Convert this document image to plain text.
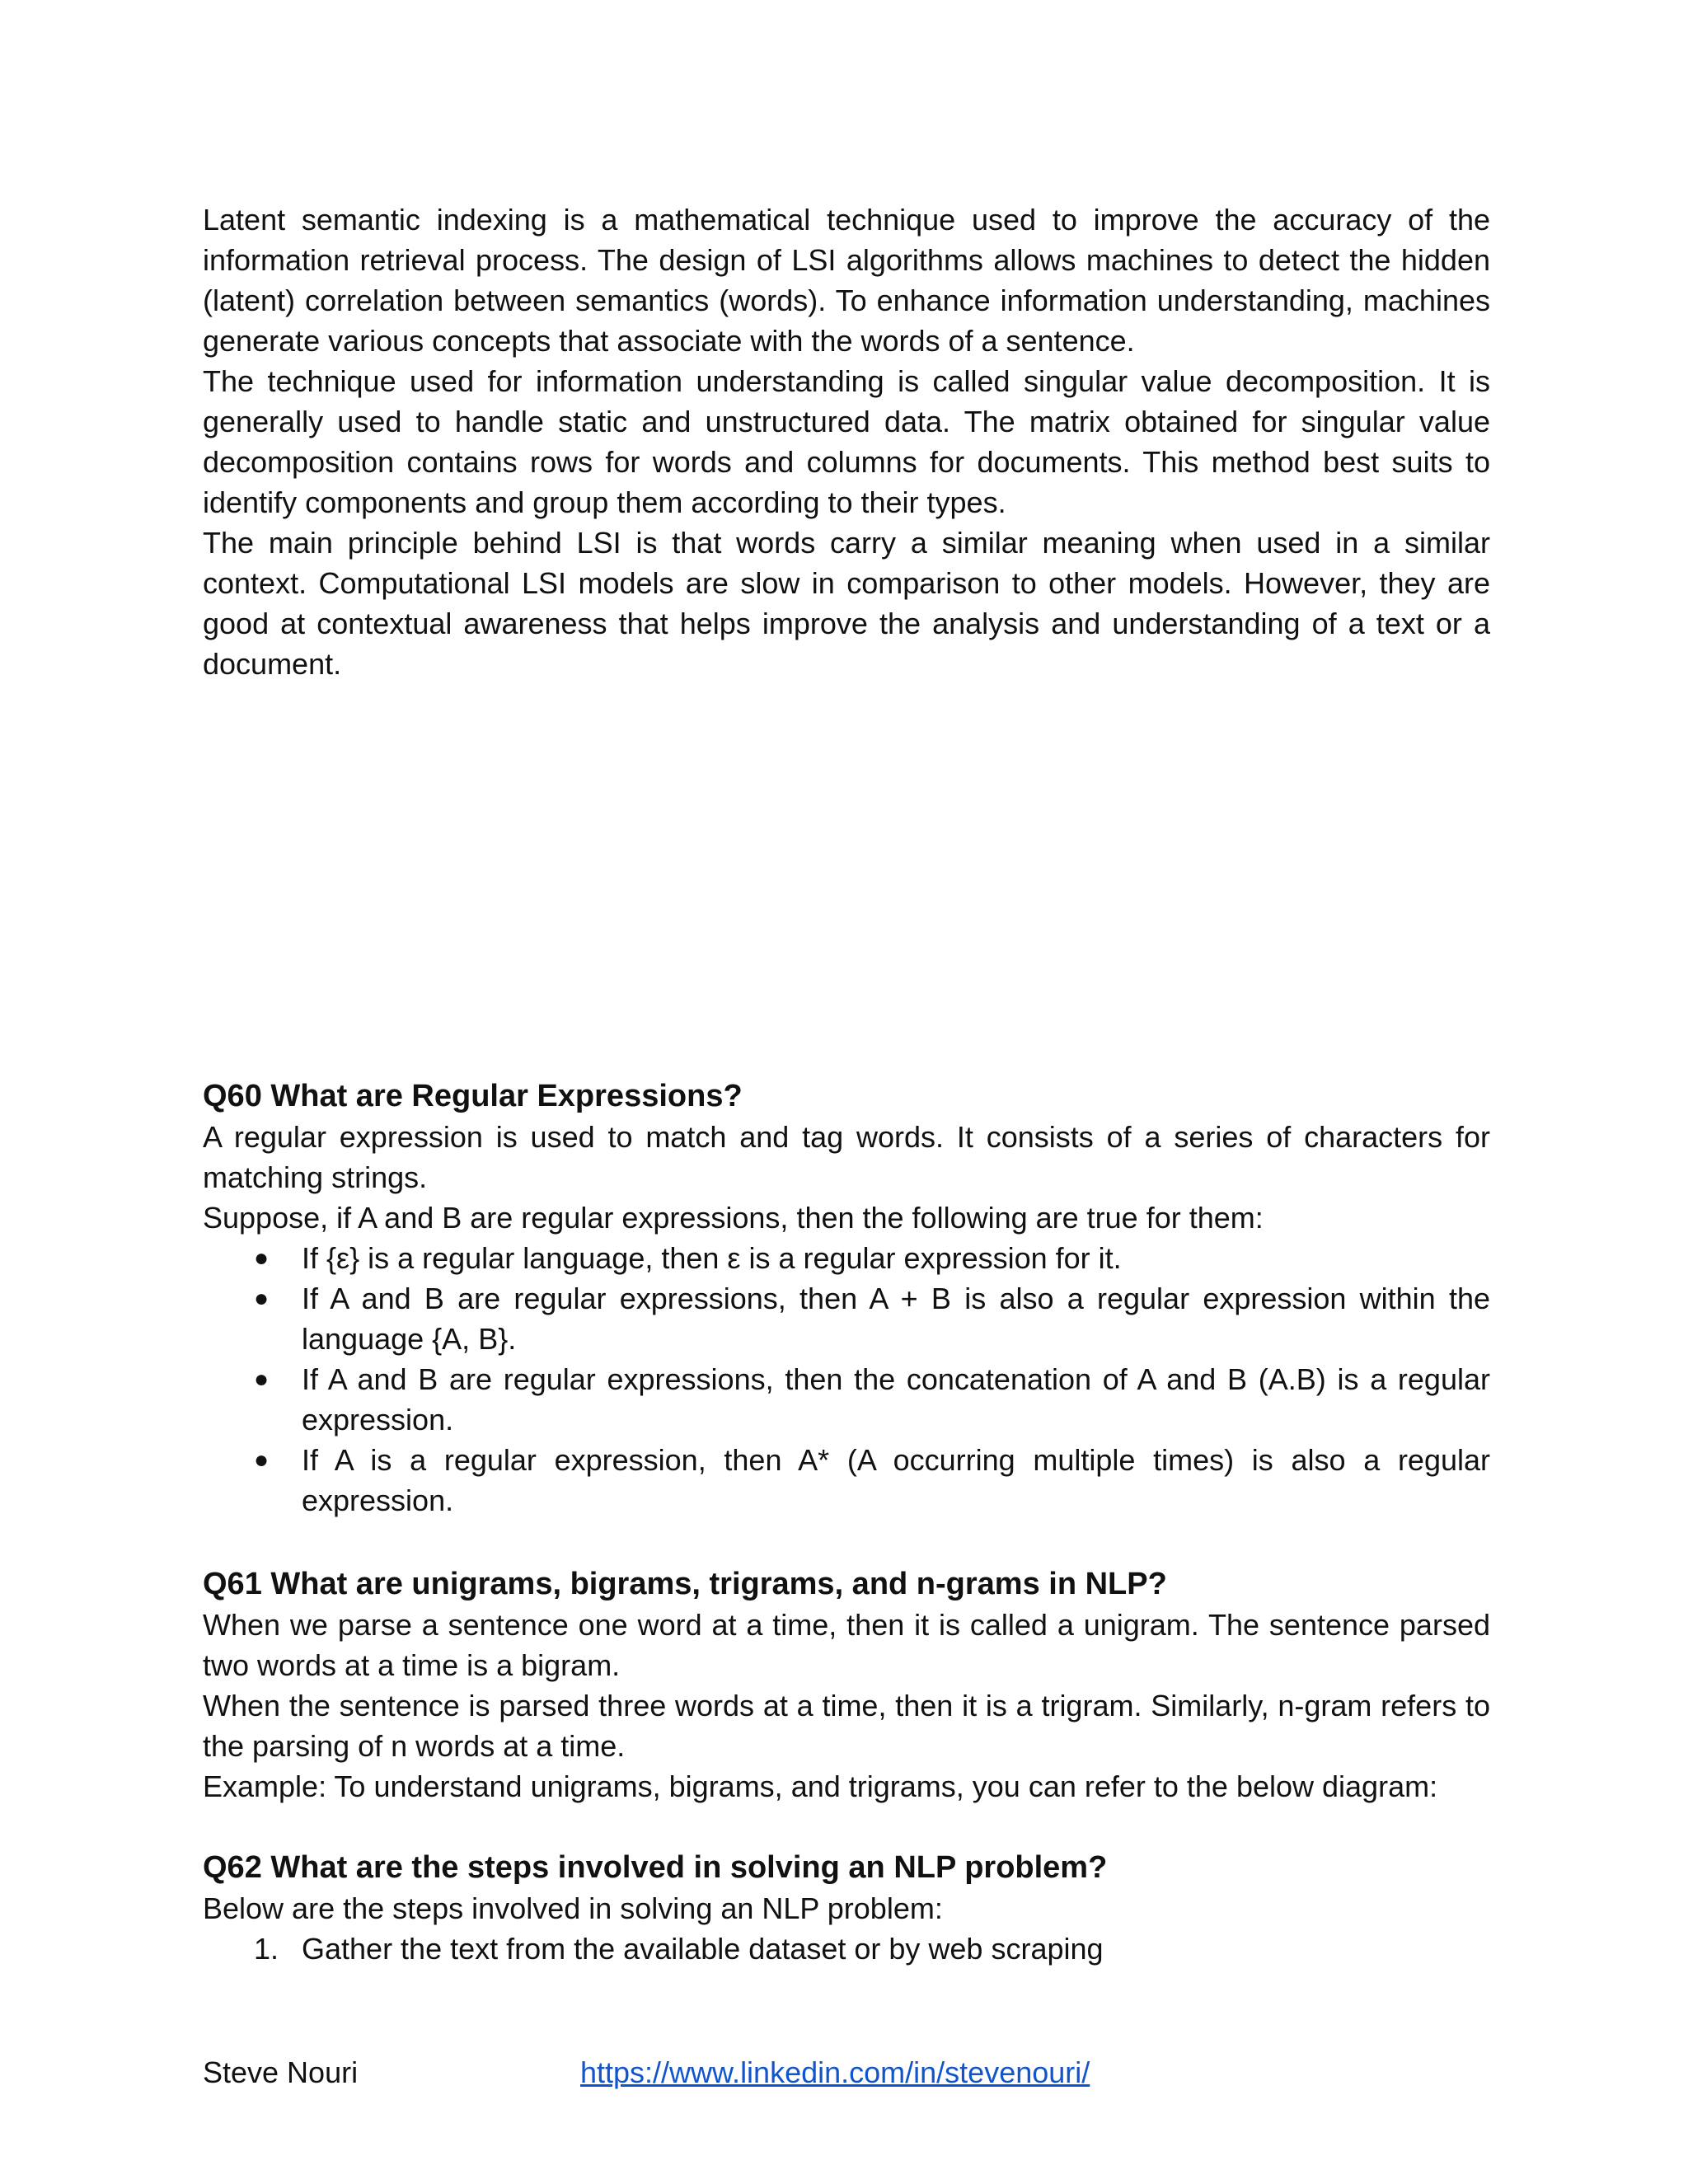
Latent semantic indexing is a mathematical technique used to improve the accuracy of the information retrieval process. The design of LSI algorithms allows machines to detect the hidden (latent) correlation between semantics (words). To enhance information understanding, machines generate various concepts that associate with the words of a sentence.

The technique used for information understanding is called singular value decomposition. It is generally used to handle static and unstructured data. The matrix obtained for singular value decomposition contains rows for words and columns for documents. This method best suits to identify components and group them according to their types.

The main principle behind LSI is that words carry a similar meaning when used in a similar context. Computational LSI models are slow in comparison to other models. However, they are good at contextual awareness that helps improve the analysis and understanding of a text or a document.

Q60 What are Regular Expressions?

A regular expression is used to match and tag words. It consists of a series of characters for matching strings.

Suppose, if A and B are regular expressions, then the following are true for them:

● If {ε} is a regular language, then ε is a regular expression for it.
● If A and B are regular expressions, then A + B is also a regular expression within the language {A, B}.
● If A and B are regular expressions, then the concatenation of A and B (A.B) is a regular expression.
● If A is a regular expression, then A* (A occurring multiple times) is also a regular expression.
Q61 What are unigrams, bigrams, trigrams, and n-grams in NLP?

When we parse a sentence one word at a time, then it is called a unigram. The sentence parsed two words at a time is a bigram.

When the sentence is parsed three words at a time, then it is a trigram. Similarly, n-gram refers to the parsing of n words at a time.

Example: To understand unigrams, bigrams, and trigrams, you can refer to the below diagram:

Q62 What are the steps involved in solving an NLP problem?

Below are the steps involved in solving an NLP problem:

1. Gather the text from the available dataset or by web scraping
Steve Nouri	https://www.linkedin.com/in/stevenouri/
